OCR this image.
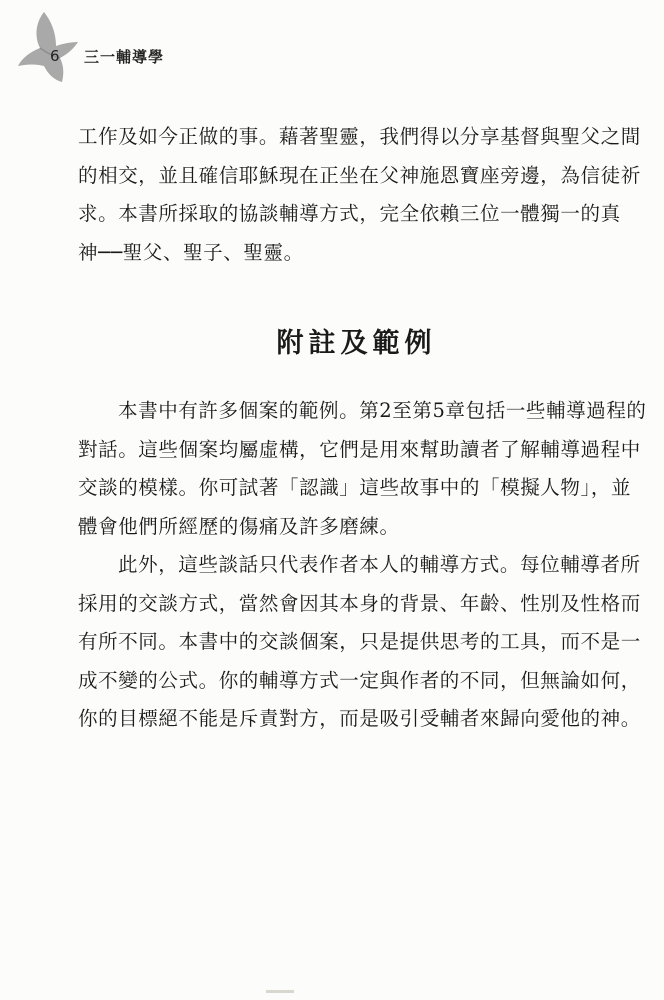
6 三一輔導學

工作及如今正做的事。藉著聖靈，我們得以分享基督與聖父之間
的相交，並且確信耶穌現在正坐在父神施恩寶座旁邊，為信徒祈
求。本書所採取的協談輔導方式，完全依賴三位一體獨一的真
神──聖父、聖子、聖靈。

附註及範例

本書中有許多個案的範例。第2至第5章包括一些輔導過程的
對話。這些個案均屬虛構，它們是用來幫助讀者了解輔導過程中
交談的模樣。你可試著「認識」這些故事中的「模擬人物」，並
體會他們所經歷的傷痛及許多磨練。

此外，這些談話只代表作者本人的輔導方式。每位輔導者所
採用的交談方式，當然會因其本身的背景、年齡、性別及性格而
有所不同。本書中的交談個案，只是提供思考的工具，而不是一
成不變的公式。你的輔導方式一定與作者的不同，但無論如何，
你的目標絕不能是斥責對方，而是吸引受輔者來歸向愛他的神。
